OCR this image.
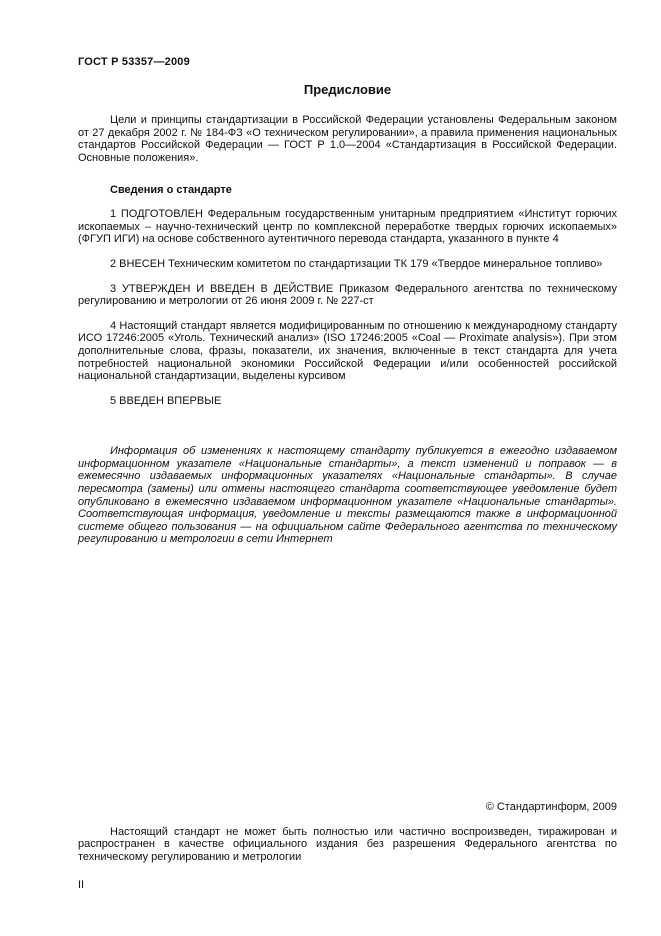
ГОСТ Р 53357—2009
Предисловие

Цели и принципы стандартизации в Российской Федерации установлены Федеральным законом от 27 декабря 2002 г. № 184-ФЗ «О техническом регулировании», а правила применения национальных стандартов Российской Федерации — ГОСТ Р 1.0—2004 «Стандартизация в Российской Федерации. Основные положения».

Сведения о стандарте

1 ПОДГОТОВЛЕН Федеральным государственным унитарным предприятием «Институт горючих ископаемых – научно-технический центр по комплексной переработке твердых горючих ископаемых» (ФГУП ИГИ) на основе собственного аутентичного перевода стандарта, указанного в пункте 4

2 ВНЕСЕН Техническим комитетом по стандартизации ТК 179 «Твердое минеральное топливо»

3 УТВЕРЖДЕН И ВВЕДЕН В ДЕЙСТВИЕ Приказом Федерального агентства по техническому регулированию и метрологии от 26 июня 2009 г. № 227-ст

4 Настоящий стандарт является модифицированным по отношению к международному стандарту ИСО 17246:2005 «Уголь. Технический анализ» (ISO 17246:2005 «Coal — Proximate analysis»). При этом дополнительные слова, фразы, показатели, их значения, включенные в текст стандарта для учета потребностей национальной экономики Российской Федерации и/или особенностей российской национальной стандартизации, выделены курсивом

5 ВВЕДЕН ВПЕРВЫЕ

Информация об изменениях к настоящему стандарту публикуется в ежегодно издаваемом информационном указателе «Национальные стандарты», а текст изменений и поправок — в ежемесячно издаваемых информационных указателях «Национальные стандарты». В случае пересмотра (замены) или отмены настоящего стандарта соответствующее уведомление будет опубликовано в ежемесячно издаваемом информационном указателе «Национальные стандарты». Соответствующая информация, уведомление и тексты размещаются также в информационной системе общего пользования — на официальном сайте Федерального агентства по техническому регулированию и метрологии в сети Интернет

© Стандартинформ, 2009

Настоящий стандарт не может быть полностью или частично воспроизведен, тиражирован и распространен в качестве официального издания без разрешения Федерального агентства по техническому регулированию и метрологии

II
